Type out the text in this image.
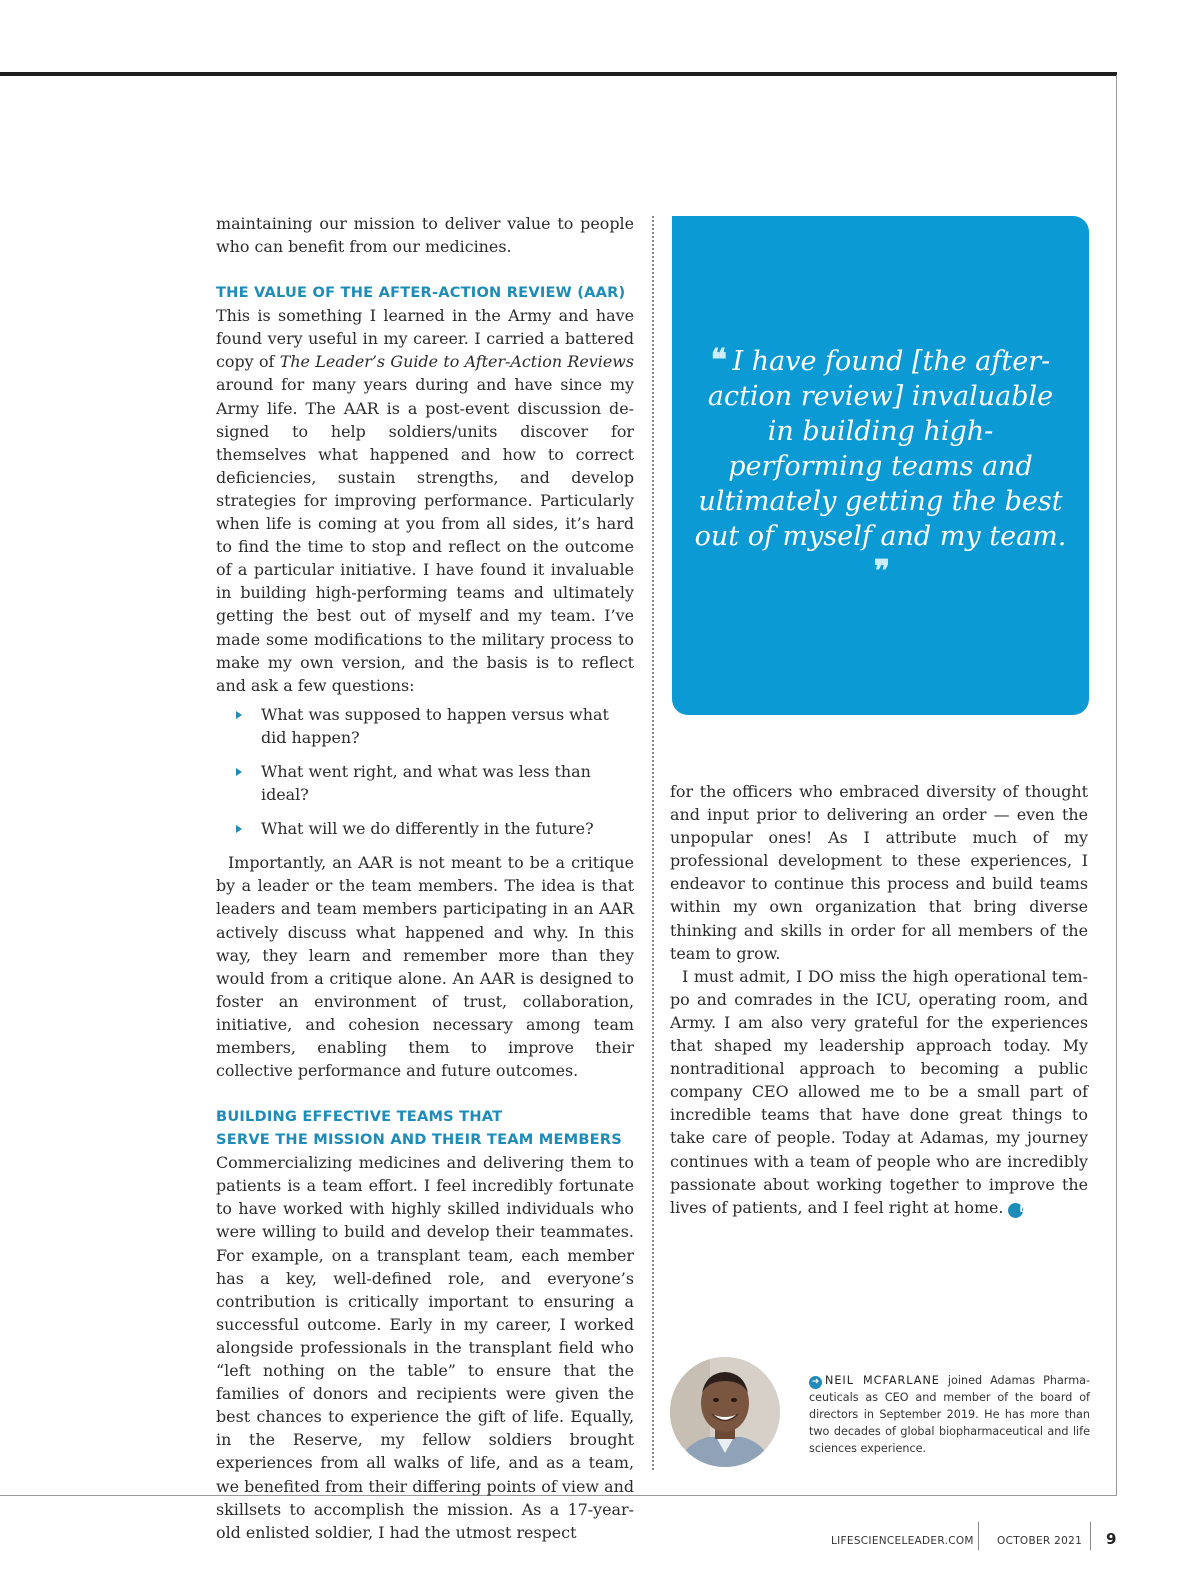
maintaining our mission to deliver value to people who can benefit from our medicines.

THE VALUE OF THE AFTER-ACTION REVIEW (AAR)

This is something I learned in the Army and have found very useful in my career. I carried a battered copy of The Leader’s Guide to After-Action Reviews around for many years during and have since my Army life. The AAR is a post-event discussion designed to help soldiers/units discover for themselves what happened and how to correct deficiencies, sustain strengths, and develop strategies for improving performance. Particularly when life is coming at you from all sides, it’s hard to find the time to stop and reflect on the outcome of a particular initiative. I have found it invaluable in building high-performing teams and ultimately getting the best out of myself and my team. I’ve made some modifications to the military process to make my own version, and the basis is to reflect and ask a few questions:

What was supposed to happen versus what did happen?
What went right, and what was less than ideal?
What will we do differently in the future?

Importantly, an AAR is not meant to be a critique by a leader or the team members. The idea is that leaders and team members participating in an AAR actively discuss what happened and why. In this way, they learn and remember more than they would from a critique alone. An AAR is designed to foster an environment of trust, collaboration, initiative, and cohesion necessary among team members, enabling them to improve their collective performance and future outcomes.

BUILDING EFFECTIVE TEAMS THAT
SERVE THE MISSION AND THEIR TEAM MEMBERS

Commercializing medicines and delivering them to patients is a team effort. I feel incredibly fortunate to have worked with highly skilled individuals who were willing to build and develop their teammates. For example, on a transplant team, each member has a key, well-defined role, and everyone’s contribution is critically important to ensuring a successful outcome. Early in my career, I worked alongside professionals in the transplant field who “left nothing on the table” to ensure that the families of donors and recipients were given the best chances to experience the gift of life. Equally, in the Reserve, my fellow soldiers brought experiences from all walks of life, and as a team, we benefited from their differing points of view and skillsets to accomplish the mission. As a 17-year-old enlisted soldier, I had the utmost respect

❝ I have found [the after-action review] invaluable in building high-performing teams and ultimately getting the best out of myself and my team. ❞

for the officers who embraced diversity of thought and input prior to delivering an order — even the unpopular ones! As I attribute much of my professional development to these experiences, I endeavor to continue this process and build teams within my own organization that bring diverse thinking and skills in order for all members of the team to grow.

I must admit, I DO miss the high operational tempo and comrades in the ICU, operating room, and Army. I am also very grateful for the experiences that shaped my leadership approach today. My nontraditional approach to becoming a public company CEO allowed me to be a small part of incredible teams that have done great things to take care of people. Today at Adamas, my journey continues with a team of people who are incredibly passionate about working together to improve the lives of patients, and I feel right at home. L

➜ NEIL MCFARLANE joined Adamas Pharmaceuticals as CEO and member of the board of directors in September 2019. He has more than two decades of global biopharmaceutical and life sciences experience.
LIFESCIENCELEADER.COM OCTOBER 2021 9
